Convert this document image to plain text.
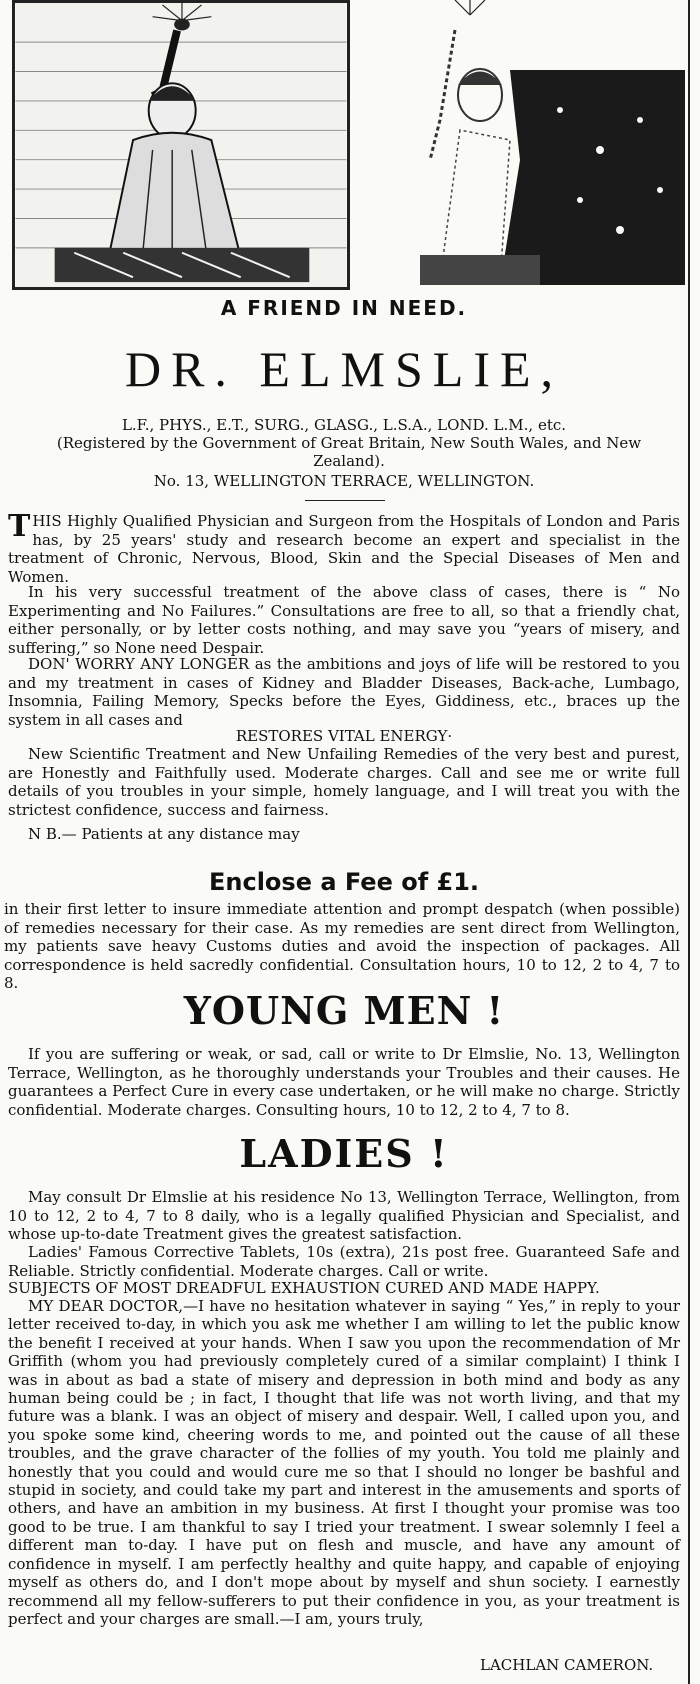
A FRIEND IN NEED.
DR. ELMSLIE,
L.F., PHYS., E.T., SURG., GLASG., L.S.A., LOND. L.M., etc.
(Registered by the Government of Great Britain, New South Wales, and New Zealand).
No. 13, WELLINGTON TERRACE, WELLINGTON.
THIS Highly Qualified Physician and Surgeon from the Hospitals of London and Paris has, by 25 years' study and research become an expert and specialist in the treatment of Chronic, Nervous, Blood, Skin and the Special Diseases of Men and Women.
In his very successful treatment of the above class of cases, there is “ No Experimenting and No Failures.” Consultations are free to all, so that a friendly chat, either personally, or by letter costs nothing, and may save you “years of misery, and suffering,” so None need Despair.
DON' WORRY ANY LONGER as the ambitions and joys of life will be restored to you and my treatment in cases of Kidney and Bladder Diseases, Back-ache, Lumbago, Insomnia, Failing Memory, Specks before the Eyes, Giddiness, etc., braces up the system in all cases and
RESTORES VITAL ENERGY·
New Scientific Treatment and New Unfailing Remedies of the very best and purest, are Honestly and Faithfully used. Moderate charges. Call and see me or write full details of you troubles in your simple, homely language, and I will treat you with the strictest confidence, success and fairness.
N B.— Patients at any distance may
Enclose a Fee of £1.
in their first letter to insure immediate attention and prompt despatch (when possible) of remedies necessary for their case. As my remedies are sent direct from Wellington, my patients save heavy Customs duties and avoid the inspection of packages. All correspondence is held sacredly confidential. Consultation hours, 10 to 12, 2 to 4, 7 to 8.
YOUNG MEN !
If you are suffering or weak, or sad, call or write to Dr Elmslie, No. 13, Wellington Terrace, Wellington, as he thoroughly understands your Troubles and their causes. He guarantees a Perfect Cure in every case undertaken, or he will make no charge. Strictly confidential. Moderate charges. Consulting hours, 10 to 12, 2 to 4, 7 to 8.
LADIES !
May consult Dr Elmslie at his residence No 13, Wellington Terrace, Wellington, from 10 to 12, 2 to 4, 7 to 8 daily, who is a legally qualified Physician and Specialist, and whose up-to-date Treatment gives the greatest satisfaction.
Ladies' Famous Corrective Tablets, 10s (extra), 21s post free. Guaranteed Safe and Reliable. Strictly confidential. Moderate charges. Call or write.
SUBJECTS OF MOST DREADFUL EXHAUSTION CURED AND MADE HAPPY.
MY DEAR DOCTOR,—I have no hesitation whatever in saying “ Yes,” in reply to your letter received to-day, in which you ask me whether I am willing to let the public know the benefit I received at your hands. When I saw you upon the recommendation of Mr Griffith (whom you had previously completely cured of a similar complaint) I think I was in about as bad a state of misery and depression in both mind and body as any human being could be ; in fact, I thought that life was not worth living, and that my future was a blank. I was an object of misery and despair. Well, I called upon you, and you spoke some kind, cheering words to me, and pointed out the cause of all these troubles, and the grave character of the follies of my youth. You told me plainly and honestly that you could and would cure me so that I should no longer be bashful and stupid in society, and could take my part and interest in the amusements and sports of others, and have an ambition in my business. At first I thought your promise was too good to be true. I am thankful to say I tried your treatment. I swear solemnly I feel a different man to-day. I have put on flesh and muscle, and have any amount of confidence in myself. I am perfectly healthy and quite happy, and capable of enjoying myself as others do, and I don't mope about by myself and shun society. I earnestly recommend all my fellow-sufferers to put their confidence in you, as your treatment is perfect and your charges are small.—I am, yours truly,
LACHLAN CAMERON.
